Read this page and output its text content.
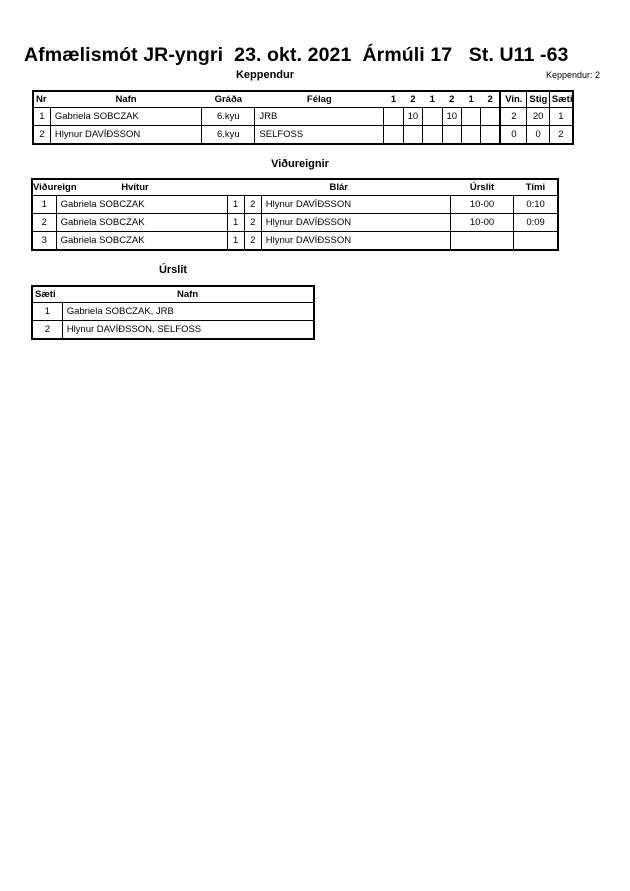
Afmælismót JR-yngri  23. okt. 2021  Ármúli 17   St. U11 -63
Keppendur	Keppendur: 2
Nr	Nafn	Gráða	Félag	1	2	1	2	1	2	Vin.	Stig	Sæti
1	Gabriela SOBCZAK	6.kyu	JRB		10		10			2	20	1
2	Hlynur DAVÍÐSSON	6.kyu	SELFOSS							0	0	2
Viðureignir
Viðureign Hvítur		Blár			Úrslit	Tími
1	Gabriela SOBCZAK	1	2	Hlynur DAVÍÐSSON	10-00	0:10
2	Gabriela SOBCZAK	1	2	Hlynur DAVÍÐSSON	10-00	0:09
3	Gabriela SOBCZAK	1	2	Hlynur DAVÍÐSSON		
Úrslit
Sæti	Nafn
1	Gabriela SOBCZAK, JRB
2	Hlynur DAVÍÐSSON, SELFOSS
